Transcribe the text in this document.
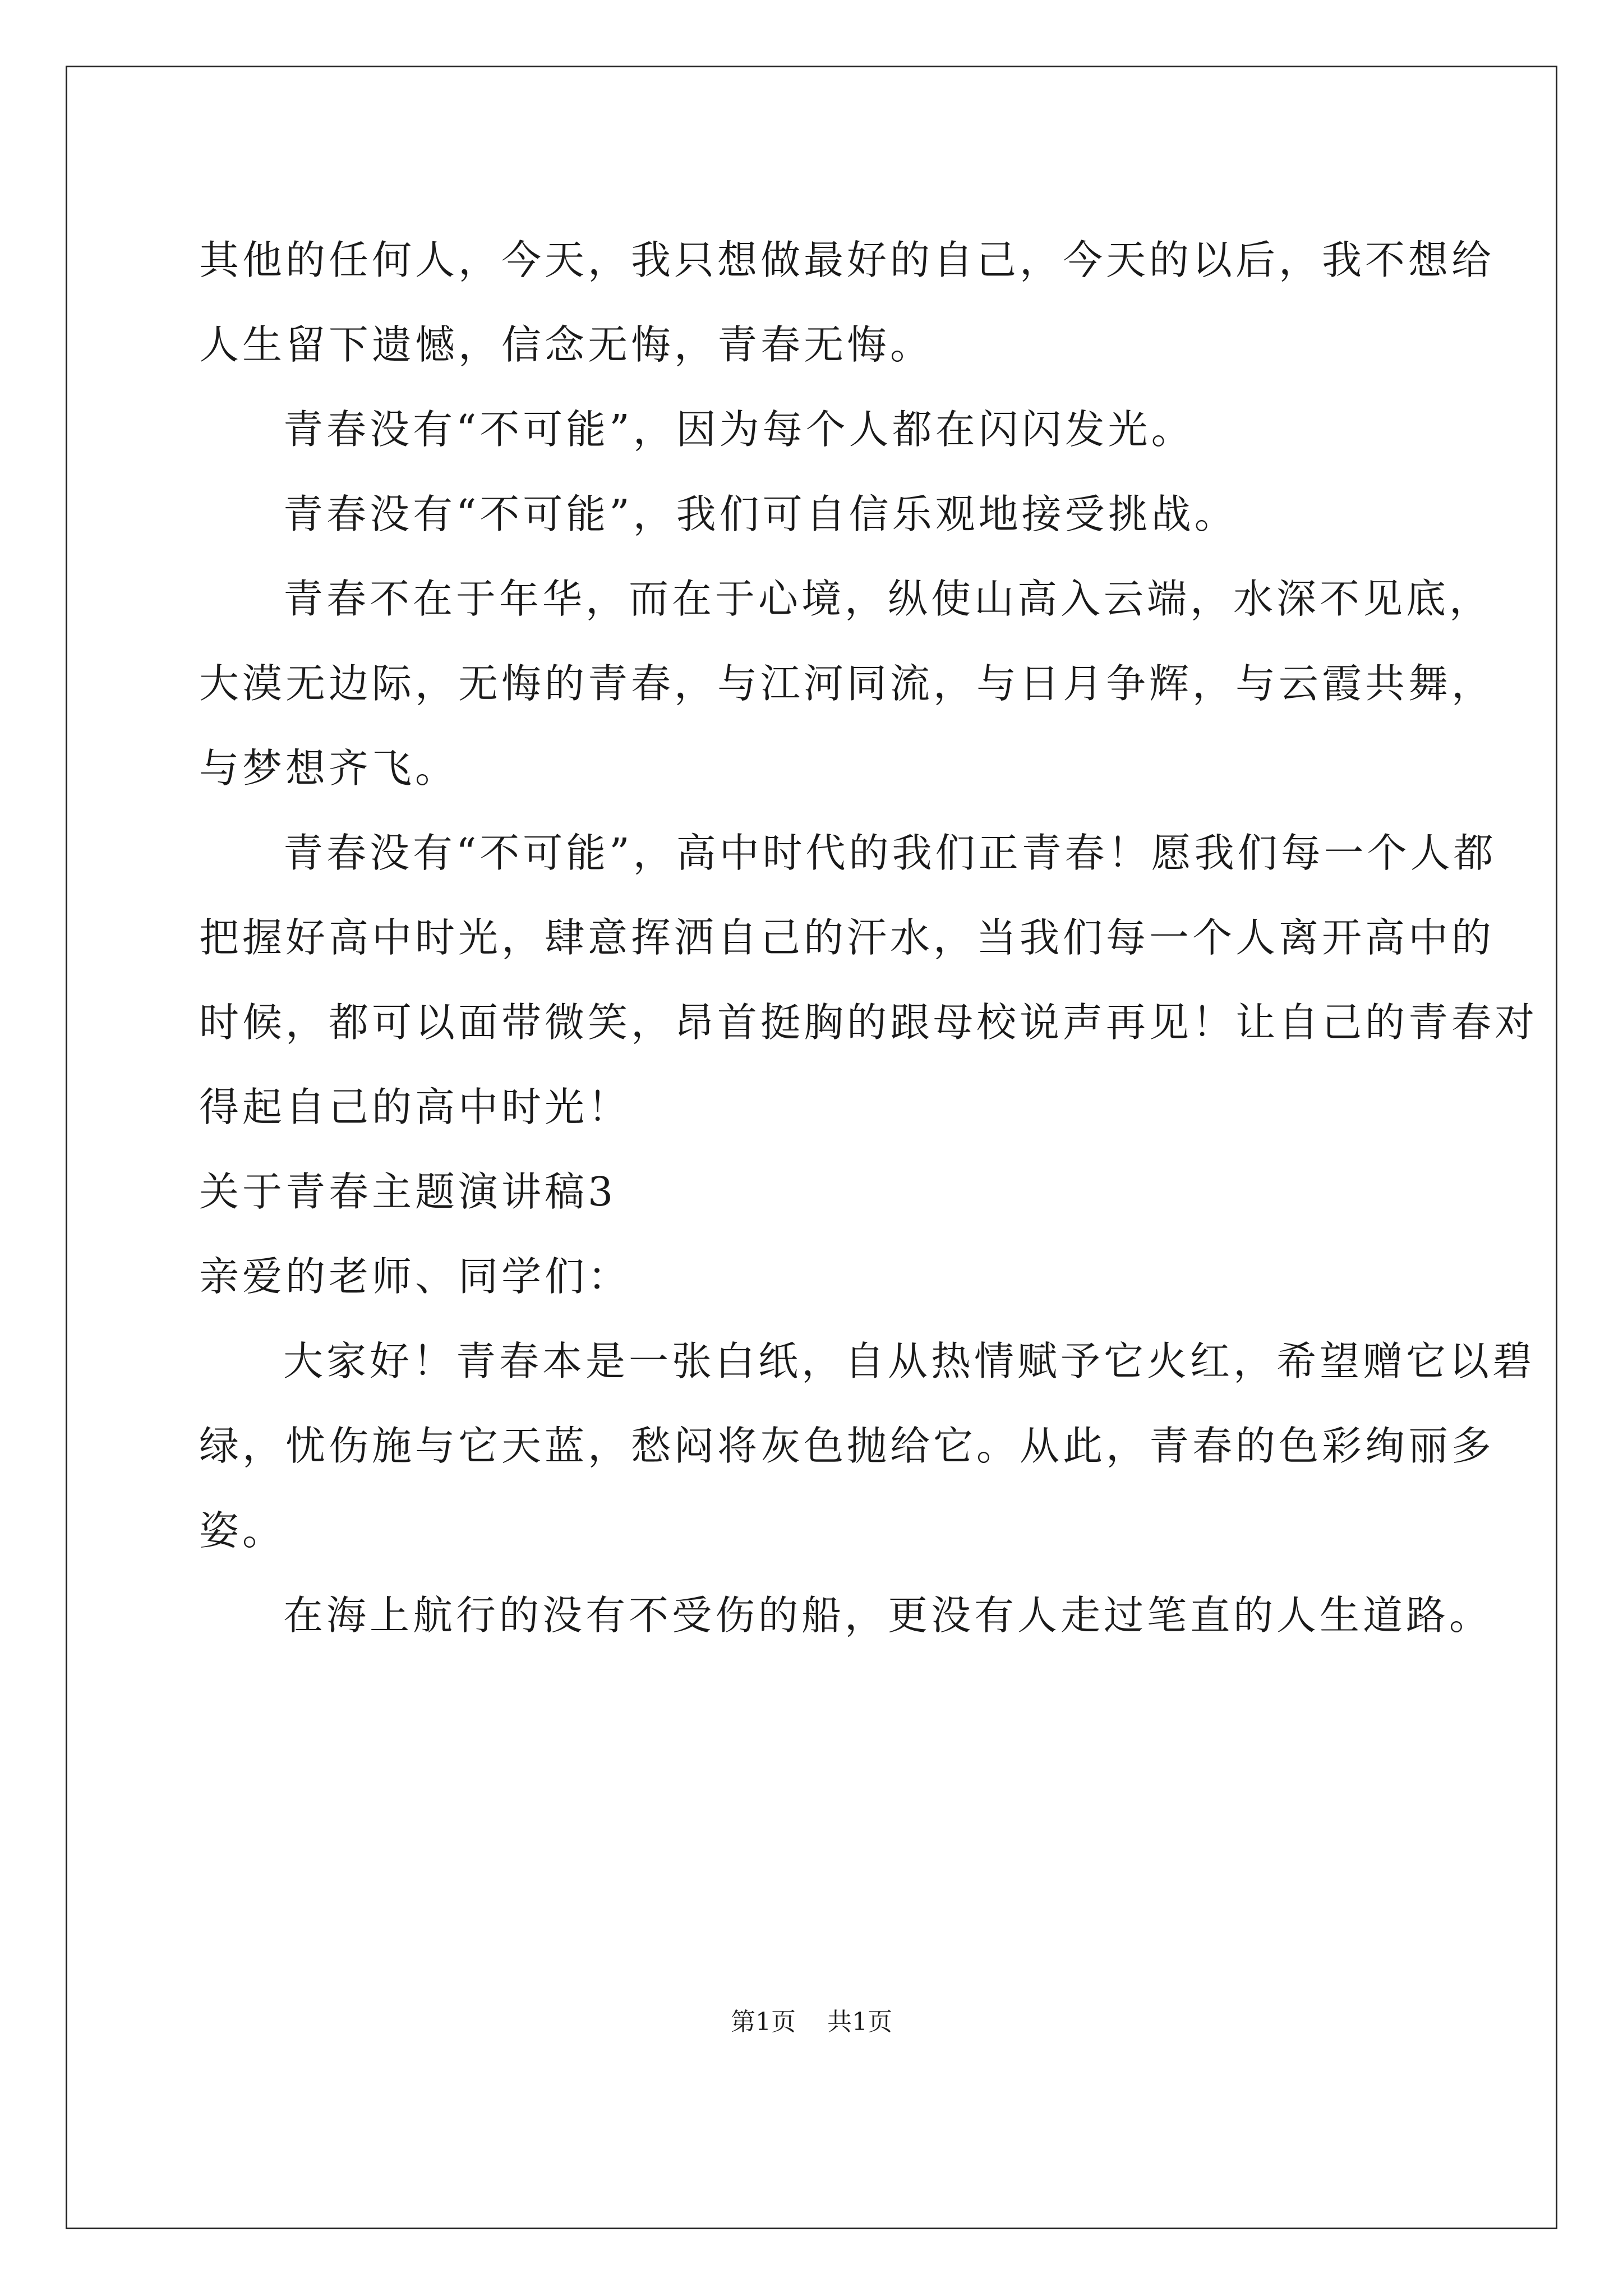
其他的任何人，今天，我只想做最好的自己，今天的以后，我不想给
人生留下遗憾，信念无悔，青春无悔。
青春没有“不可能”，因为每个人都在闪闪发光。
青春没有“不可能”，我们可自信乐观地接受挑战。
青春不在于年华，而在于心境，纵使山高入云端，水深不见底，
大漠无边际，无悔的青春，与江河同流，与日月争辉，与云霞共舞，
与梦想齐飞。
青春没有“不可能”，高中时代的我们正青春！愿我们每一个人都
把握好高中时光，肆意挥洒自己的汗水，当我们每一个人离开高中的
时候，都可以面带微笑，昂首挺胸的跟母校说声再见！让自己的青春对
得起自己的高中时光！
关于青春主题演讲稿3
亲爱的老师、同学们：
大家好！青春本是一张白纸，自从热情赋予它火红，希望赠它以碧
绿，忧伤施与它天蓝，愁闷将灰色抛给它。从此，青春的色彩绚丽多
姿。
在海上航行的没有不受伤的船，更没有人走过笔直的人生道路。
第1页 共1页
